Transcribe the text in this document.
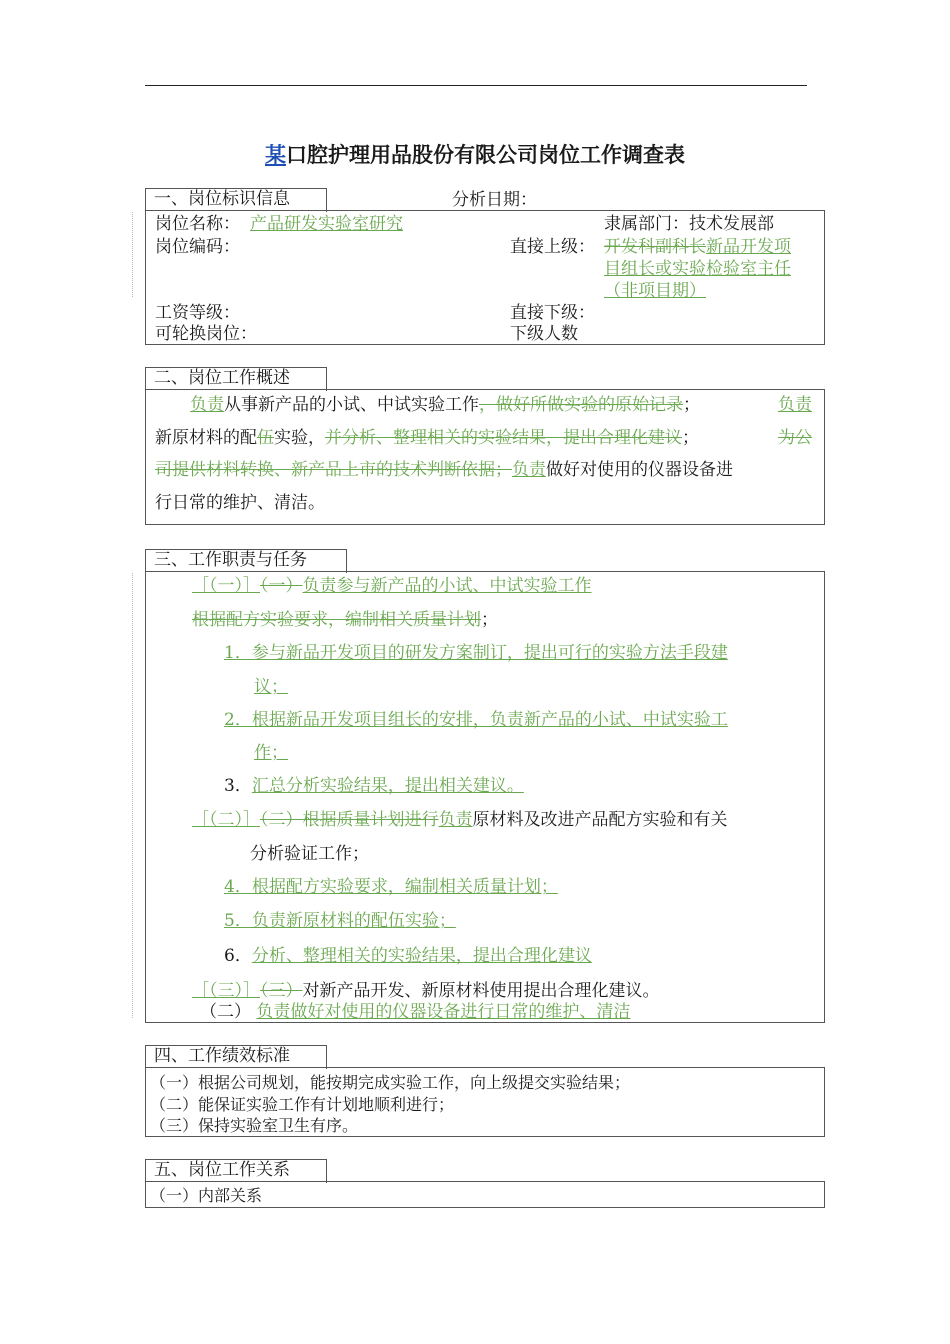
某口腔护理用品股份有限公司岗位工作调查表
一、岗位标识信息	分析日期：
岗位名称： 产品研发实验室研究	隶属部门：技术发展部
岗位编码：	直接上级： 开发科副科长新品开发项
目组长或实验检验室主任
（非项目期）
工资等级：	直接下级：
可轮换岗位：	下级人数
二、岗位工作概述
负责从事新产品的小试、中试实验工作，做好所做实验的原始记录；	负责
新原材料的配伍实验，并分析、整理相关的实验结果，提出合理化建议；	为公
司提供材料转换、新产品上市的技术判断依据；负责做好对使用的仪器设备进
行日常的维护、清洁。
三、工作职责与任务
［（一）］（一）负责参与新产品的小试、中试实验工作
根据配方实验要求，编制相关质量计划；
1．参与新品开发项目的研发方案制订，提出可行的实验方法手段建
议；
2．根据新品开发项目组长的安排，负责新产品的小试、中试实验工
作；
3．汇总分析实验结果，提出相关建议。
［（二）］（二）根据质量计划进行负责原材料及改进产品配方实验和有关
分析验证工作；
4．根据配方实验要求，编制相关质量计划；
5．负责新原材料的配伍实验；
6．分析、整理相关的实验结果，提出合理化建议
［（三）］（三）对新产品开发、新原材料使用提出合理化建议。
（二） 负责做好对使用的仪器设备进行日常的维护、清洁
四、工作绩效标准
（一）根据公司规划，能按期完成实验工作，向上级提交实验结果；
（二）能保证实验工作有计划地顺利进行；
（三）保持实验室卫生有序。
五、岗位工作关系
（一）内部关系
